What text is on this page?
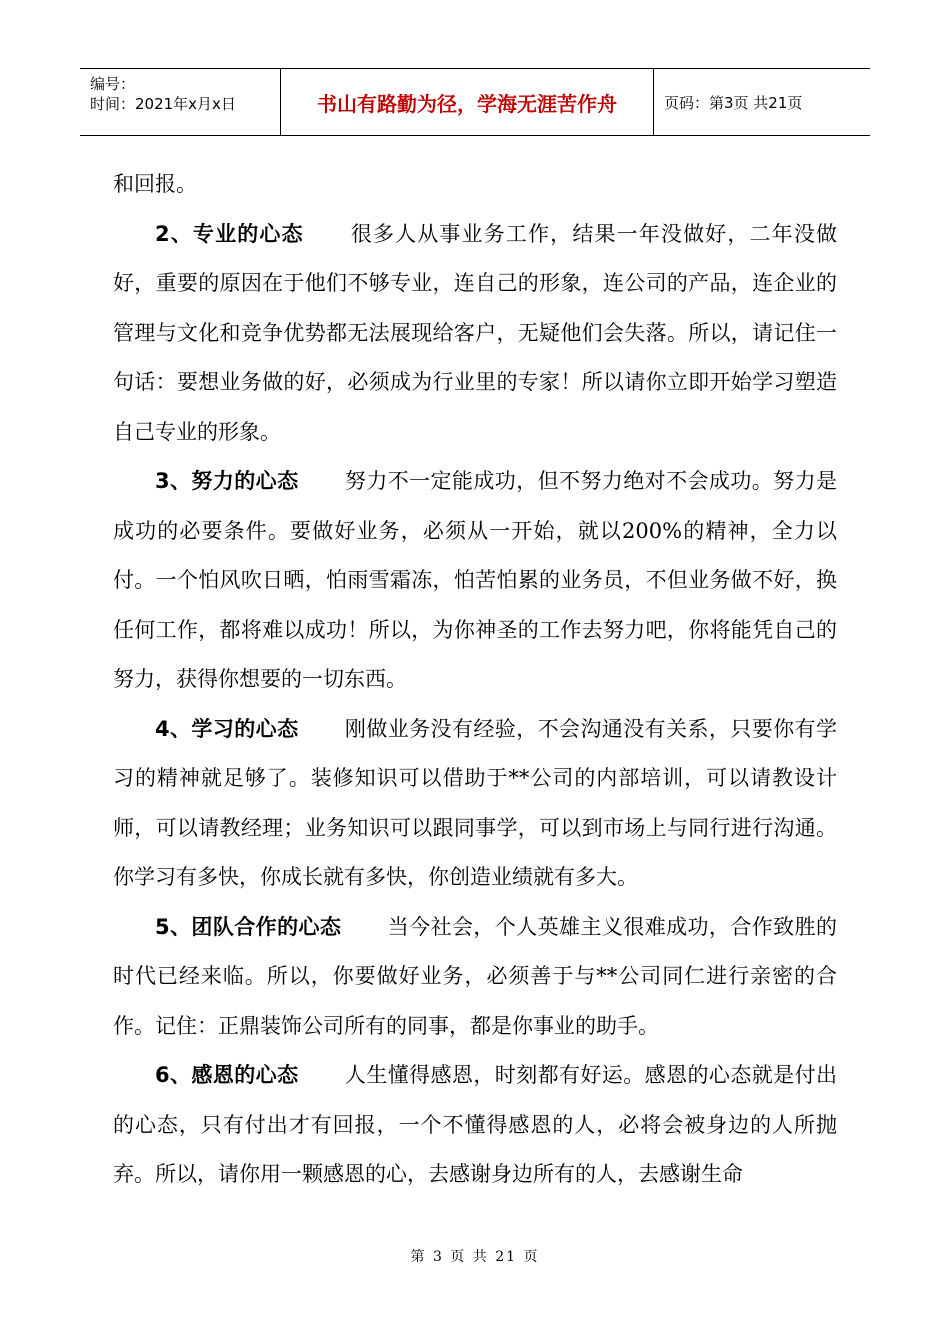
编号：
时间：2021年x月x日	书山有路勤为径，学海无涯苦作舟	页码：第3页 共21页

和回报。

2、专业的心态 很多人从事业务工作，结果一年没做好，二年没做好，重要的原因在于他们不够专业，连自己的形象，连公司的产品，连企业的管理与文化和竞争优势都无法展现给客户，无疑他们会失落。所以，请记住一句话：要想业务做的好，必须成为行业里的专家！所以请你立即开始学习塑造自己专业的形象。

3、努力的心态 努力不一定能成功，但不努力绝对不会成功。努力是成功的必要条件。要做好业务，必须从一开始，就以200%的精神，全力以付。一个怕风吹日晒，怕雨雪霜冻，怕苦怕累的业务员，不但业务做不好，换任何工作，都将难以成功！所以，为你神圣的工作去努力吧，你将能凭自己的努力，获得你想要的一切东西。

4、学习的心态 刚做业务没有经验，不会沟通没有关系，只要你有学习的精神就足够了。装修知识可以借助于**公司的内部培训，可以请教设计师，可以请教经理；业务知识可以跟同事学，可以到市场上与同行进行沟通。你学习有多快，你成长就有多快，你创造业绩就有多大。

5、团队合作的心态 当今社会，个人英雄主义很难成功，合作致胜的时代已经来临。所以，你要做好业务，必须善于与**公司同仁进行亲密的合作。记住：正鼎装饰公司所有的同事，都是你事业的助手。

6、感恩的心态 人生懂得感恩，时刻都有好运。感恩的心态就是付出的心态，只有付出才有回报，一个不懂得感恩的人，必将会被身边的人所抛弃。所以，请你用一颗感恩的心，去感谢身边所有的人，去感谢生命

第 3 页 共 21 页
